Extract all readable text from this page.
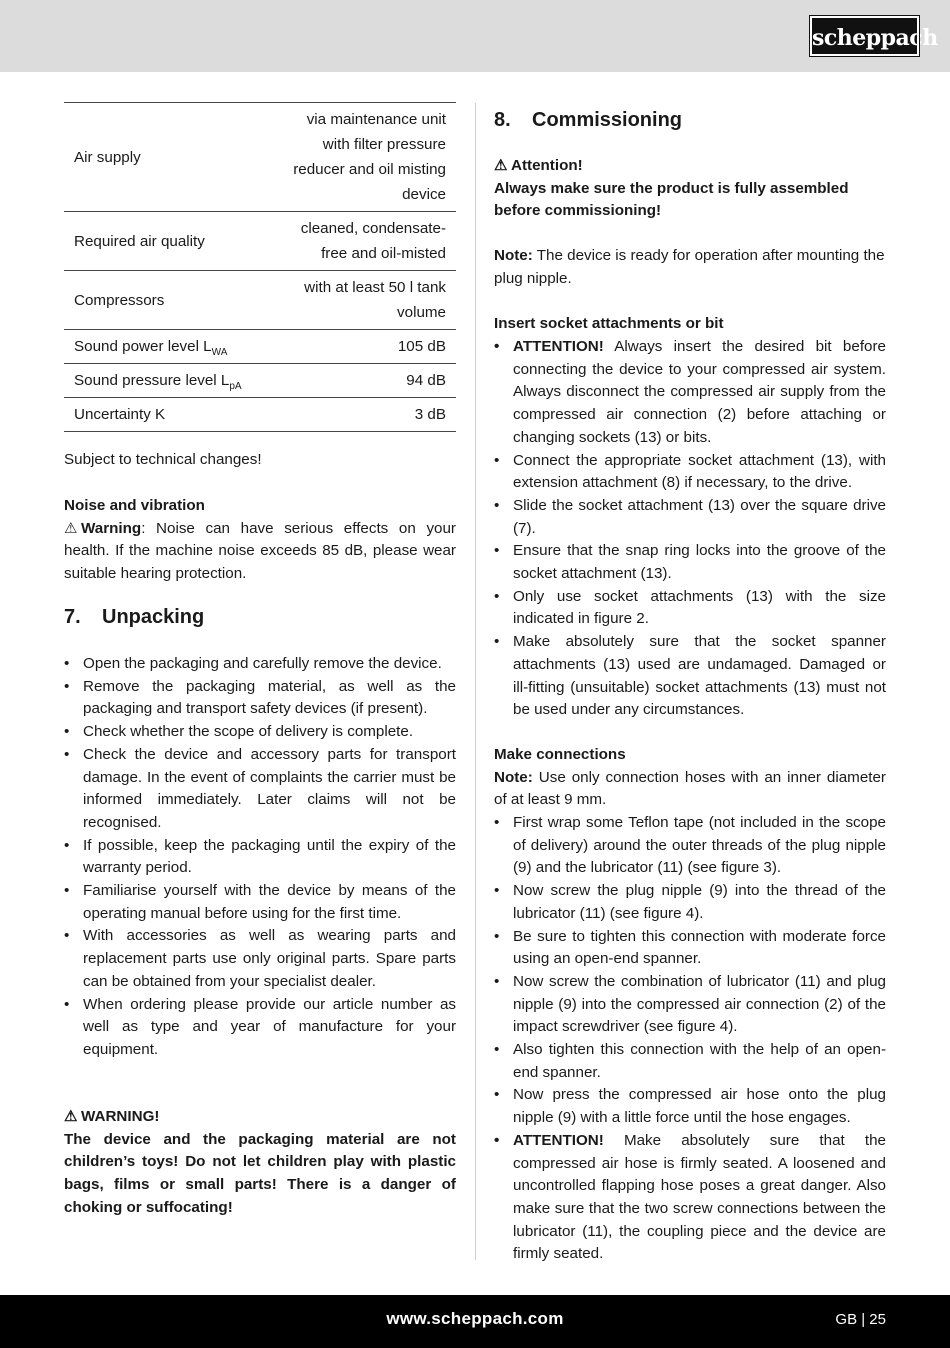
scheppach
Air supply	via maintenance unit
with filter pressure
reducer and oil misting
device

Required air quality	cleaned, condensate-
free and oil-misted

Compressors	with at least 50 l tank
volume

Sound power level $L_{WA}$	105 dB
Sound pressure level $L_{pA}$	94 dB
Uncertainty K	3 dB
Subject to technical changes!
Noise and vibration
⚠ Warning: Noise can have serious effects on your health. If the machine noise exceeds 85 dB, please wear suitable hearing protection.
7. Unpacking
• Open the packaging and carefully remove the device.
• Remove the packaging material, as well as the packaging and transport safety devices (if present).
• Check whether the scope of delivery is complete.
• Check the device and accessory parts for transport damage. In the event of complaints the carrier must be informed immediately. Later claims will not be recognised.
• If possible, keep the packaging until the expiry of the warranty period.
• Familiarise yourself with the device by means of the operating manual before using for the first time.
• With accessories as well as wearing parts and replacement parts use only original parts. Spare parts can be obtained from your specialist dealer.
• When ordering please provide our article number as well as type and year of manufacture for your equipment.
⚠ WARNING!
The device and the packaging material are not children’s toys! Do not let children play with plastic bags, films or small parts! There is a danger of choking or suffocating!
8. Commissioning
⚠ Attention!
Always make sure the product is fully assembled before commissioning!
Note: The device is ready for operation after mounting the plug nipple.
Insert socket attachments or bit
• ATTENTION! Always insert the desired bit before connecting the device to your compressed air system. Always disconnect the compressed air supply from the compressed air connection (2) before attaching or changing sockets (13) or bits.
• Connect the appropriate socket attachment (13), with extension attachment (8) if necessary, to the drive.
• Slide the socket attachment (13) over the square drive (7).
• Ensure that the snap ring locks into the groove of the socket attachment (13).
• Only use socket attachments (13) with the size indicated in figure 2.
• Make absolutely sure that the socket spanner attachments (13) used are undamaged. Damaged or ill-fitting (unsuitable) socket attachments (13) must not be used under any circumstances.
Make connections
Note: Use only connection hoses with an inner diameter of at least 9 mm.
• First wrap some Teflon tape (not included in the scope of delivery) around the outer threads of the plug nipple (9) and the lubricator (11) (see figure 3).
• Now screw the plug nipple (9) into the thread of the lubricator (11) (see figure 4).
• Be sure to tighten this connection with moderate force using an open-end spanner.
• Now screw the combination of lubricator (11) and plug nipple (9) into the compressed air connection (2) of the impact screwdriver (see figure 4).
• Also tighten this connection with the help of an open-end spanner.
• Now press the compressed air hose onto the plug nipple (9) with a little force until the hose engages.
• ATTENTION! Make absolutely sure that the compressed air hose is firmly seated. A loosened and uncontrolled flapping hose poses a great danger. Also make sure that the two screw connections between the lubricator (11), the coupling piece and the device are firmly seated.
www.scheppach.com	GB | 25
